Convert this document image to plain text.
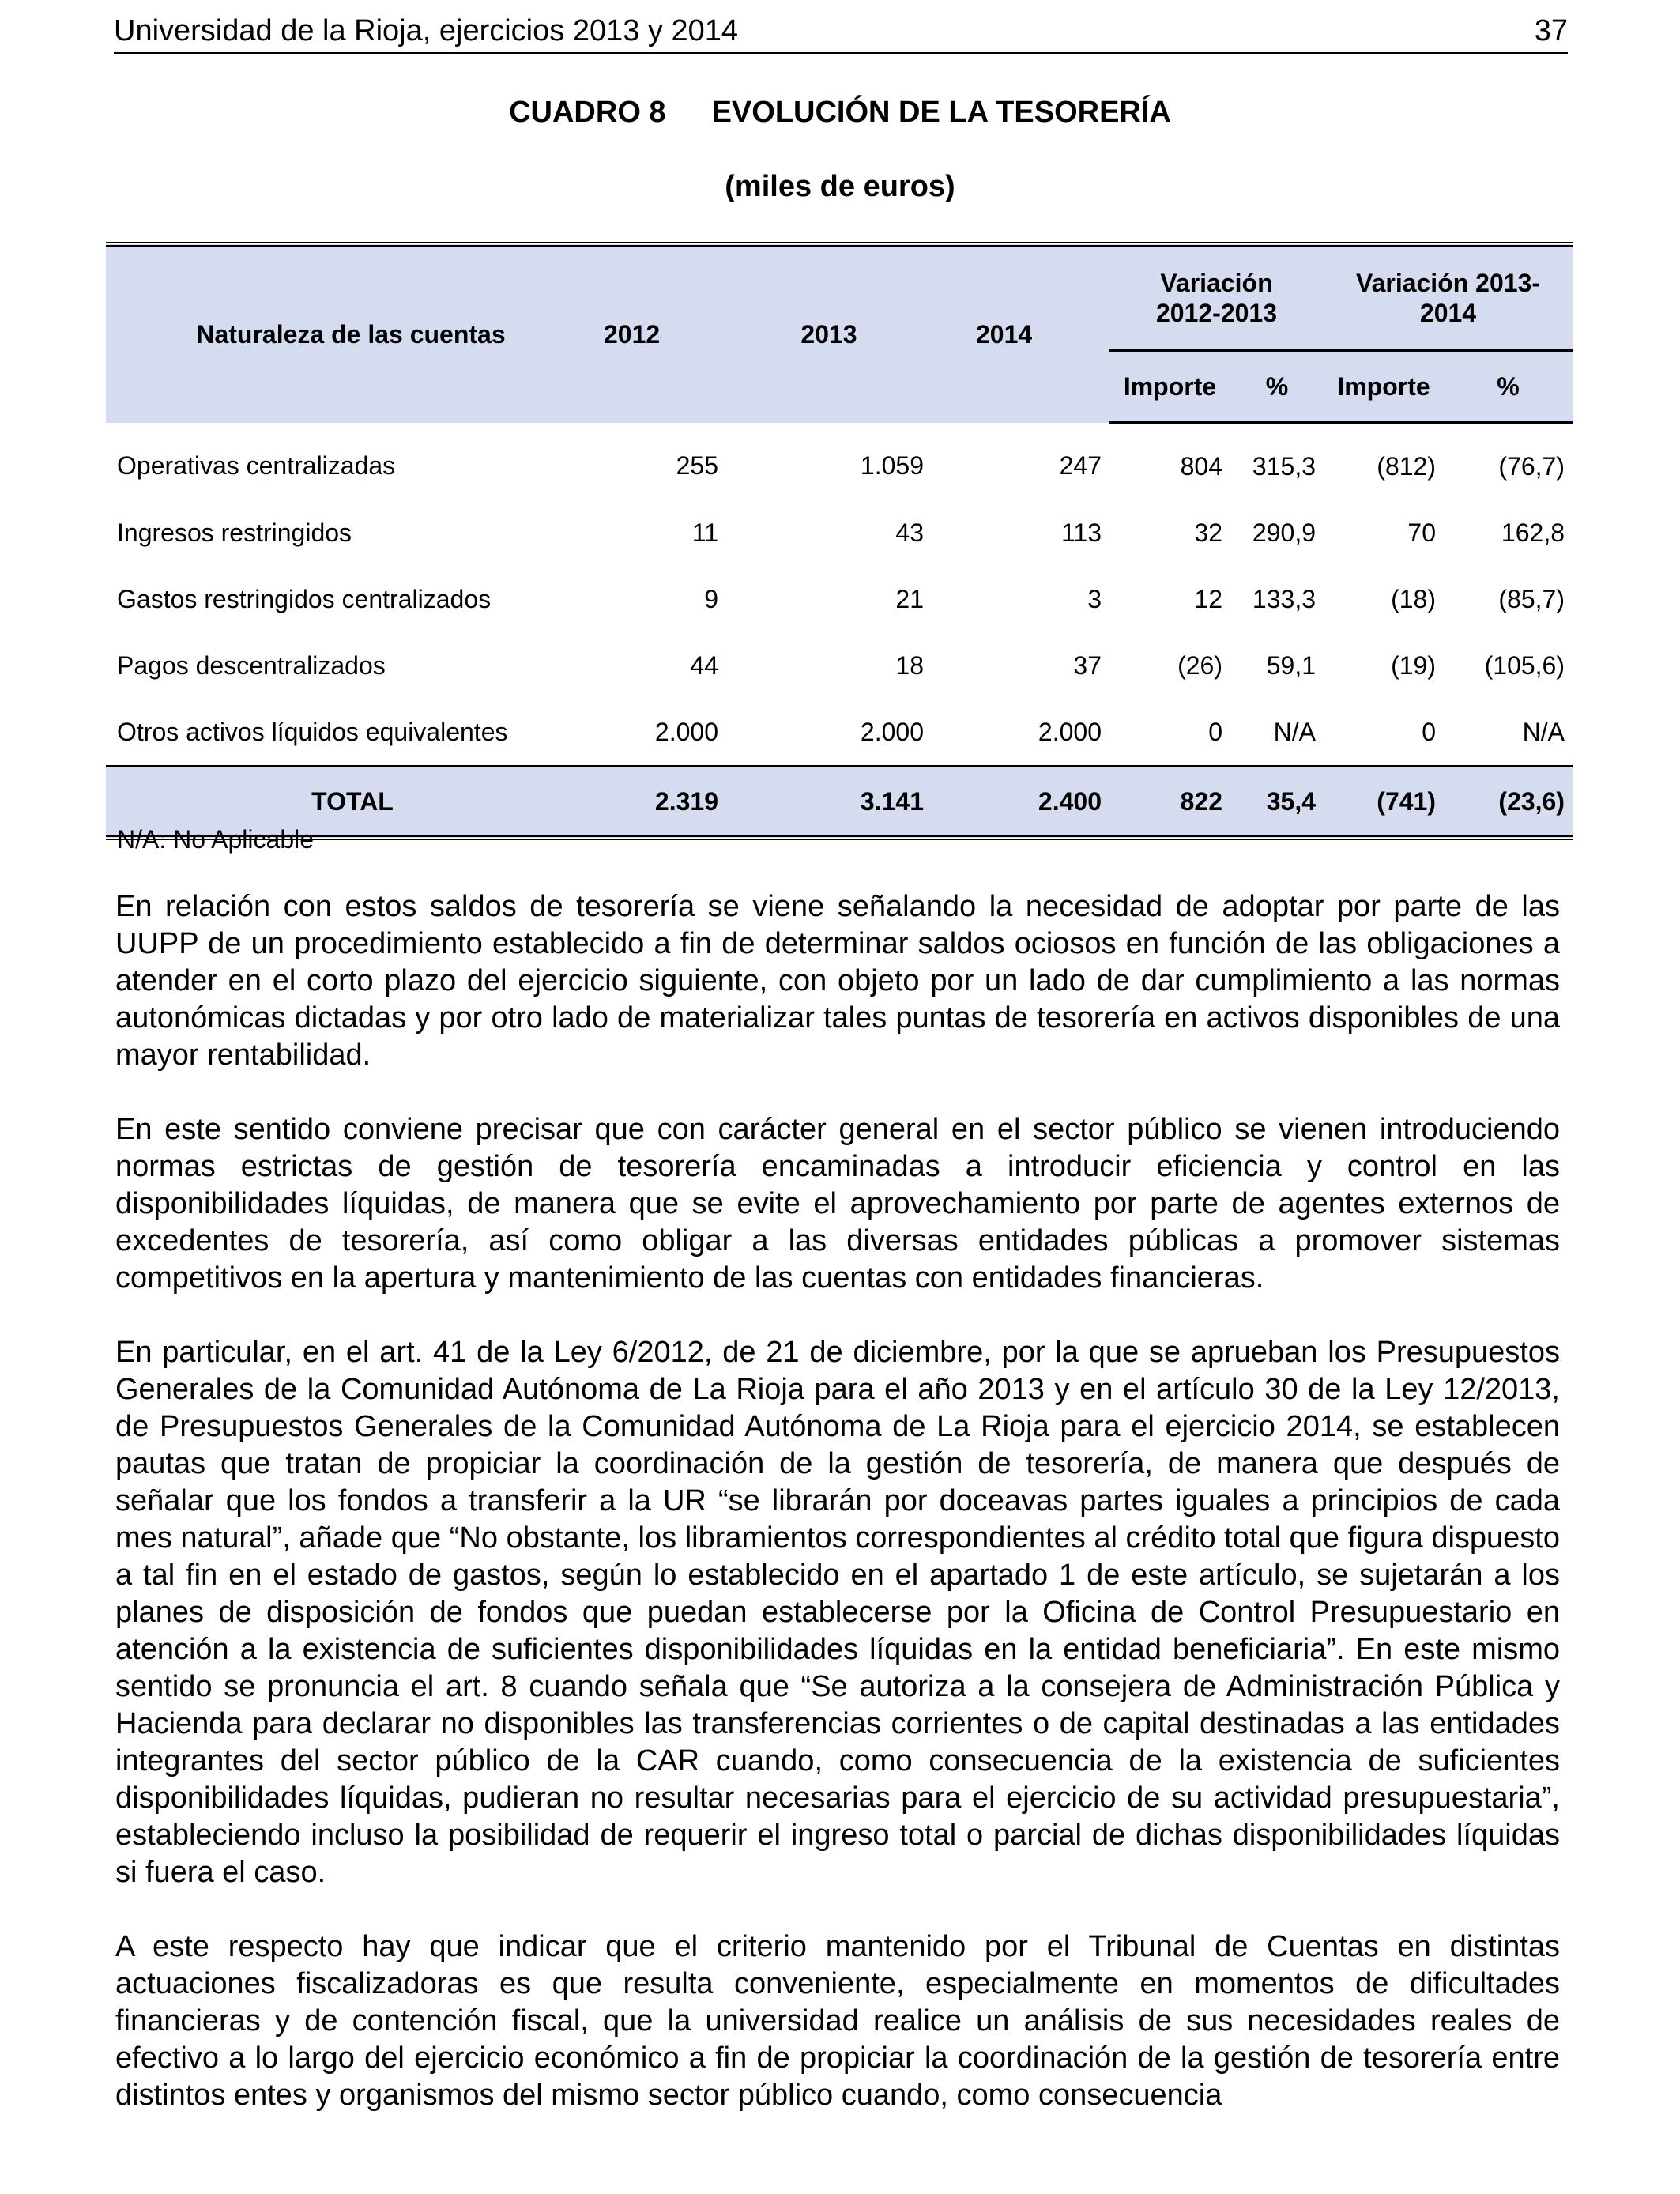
Universidad de la Rioja, ejercicios 2013 y 2014	37
CUADRO 8 EVOLUCIÓN DE LA TESORERÍA
(miles de euros)
Naturaleza de las cuentas	2012	2013	2014	Variación 2012-2013		Variación 2013-2014	

				Importe	%	Importe	%
Operativas centralizadas	255	1.059	247	804	315,3	(812)	(76,7)
Ingresos restringidos	11	43	113	32	290,9	70	162,8
Gastos restringidos centralizados	9	21	3	12	133,3	(18)	(85,7)
Pagos descentralizados	44	18	37	(26)	59,1	(19)	(105,6)
Otros activos líquidos equivalentes	2.000	2.000	2.000	0	N/A	0	N/A
TOTAL	2.319	3.141	2.400	822	35,4	(741)	(23,6)
N/A: No Aplicable

En relación con estos saldos de tesorería se viene señalando la necesidad de adoptar por parte de las UUPP de un procedimiento establecido a fin de determinar saldos ociosos en función de las obligaciones a atender en el corto plazo del ejercicio siguiente, con objeto por un lado de dar cumplimiento a las normas autonómicas dictadas y por otro lado de materializar tales puntas de tesorería en activos disponibles de una mayor rentabilidad.

En este sentido conviene precisar que con carácter general en el sector público se vienen introduciendo normas estrictas de gestión de tesorería encaminadas a introducir eficiencia y control en las disponibilidades líquidas, de manera que se evite el aprovechamiento por parte de agentes externos de excedentes de tesorería, así como obligar a las diversas entidades públicas a promover sistemas competitivos en la apertura y mantenimiento de las cuentas con entidades financieras.

En particular, en el art. 41 de la Ley 6/2012, de 21 de diciembre, por la que se aprueban los Presupuestos Generales de la Comunidad Autónoma de La Rioja para el año 2013 y en el artículo 30 de la Ley 12/2013, de Presupuestos Generales de la Comunidad Autónoma de La Rioja para el ejercicio 2014, se establecen pautas que tratan de propiciar la coordinación de la gestión de tesorería, de manera que después de señalar que los fondos a transferir a la UR “se librarán por doceavas partes iguales a principios de cada mes natural”, añade que “No obstante, los libramientos correspondientes al crédito total que figura dispuesto a tal fin en el estado de gastos, según lo establecido en el apartado 1 de este artículo, se sujetarán a los planes de disposición de fondos que puedan establecerse por la Oficina de Control Presupuestario en atención a la existencia de suficientes disponibilidades líquidas en la entidad beneficiaria”. En este mismo sentido se pronuncia el art. 8 cuando señala que “Se autoriza a la consejera de Administración Pública y Hacienda para declarar no disponibles las transferencias corrientes o de capital destinadas a las entidades integrantes del sector público de la CAR cuando, como consecuencia de la existencia de suficientes disponibilidades líquidas, pudieran no resultar necesarias para el ejercicio de su actividad presupuestaria”, estableciendo incluso la posibilidad de requerir el ingreso total o parcial de dichas disponibilidades líquidas si fuera el caso.

A este respecto hay que indicar que el criterio mantenido por el Tribunal de Cuentas en distintas actuaciones fiscalizadoras es que resulta conveniente, especialmente en momentos de dificultades financieras y de contención fiscal, que la universidad realice un análisis de sus necesidades reales de efectivo a lo largo del ejercicio económico a fin de propiciar la coordinación de la gestión de tesorería entre distintos entes y organismos del mismo sector público cuando, como consecuencia
